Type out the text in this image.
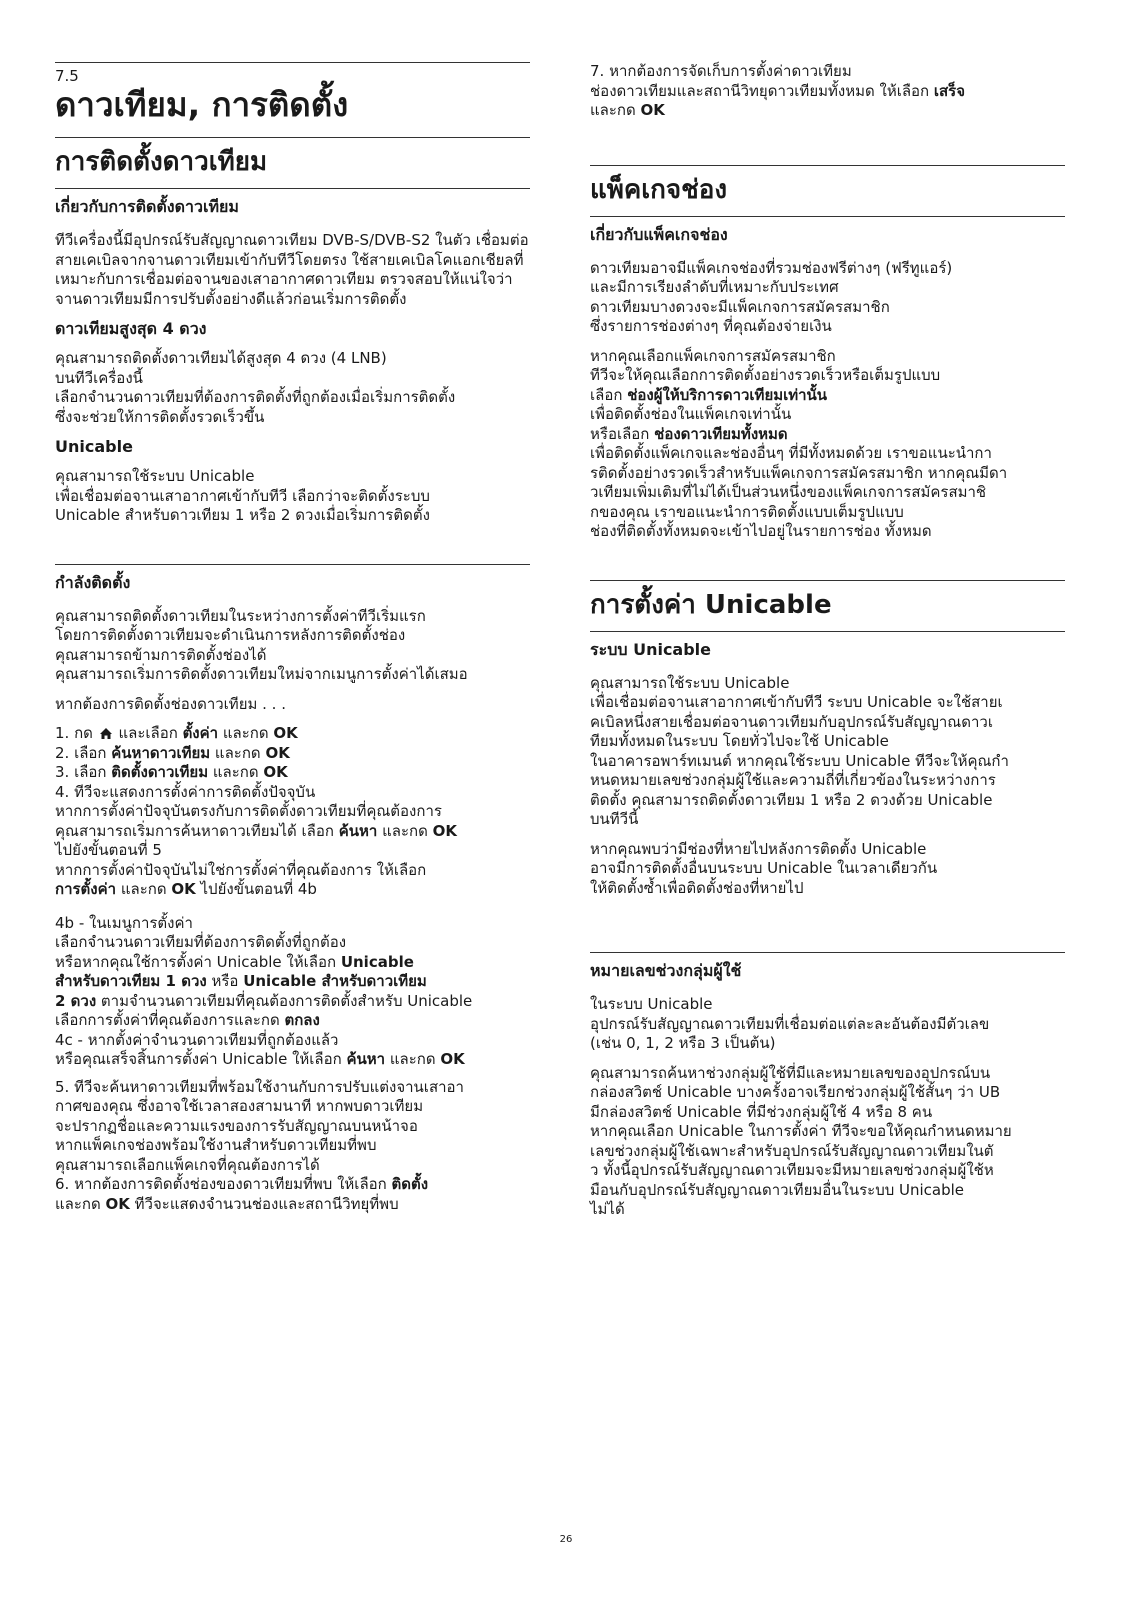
7.5
ดาวเทียม, การติดตั้ง
การติดตั้งดาวเทียม
เกี่ยวกับการติดตั้งดาวเทียม

ทีวีเครื่องนี้มีอุปกรณ์รับสัญญาณดาวเทียม DVB-S/DVB-S2 ในตัว เชื่อมต่อสายเคเบิลจากจานดาวเทียมเข้ากับทีวีโดยตรง ใช้สายเคเบิลโคแอกเชียลที่เหมาะกับการเชื่อมต่อจานของเสาอากาศดาวเทียม ตรวจสอบให้แน่ใจว่าจานดาวเทียมมีการปรับตั้งอย่างดีแล้วก่อนเริ่มการติดตั้ง

ดาวเทียมสูงสุด 4 ดวง

คุณสามารถติดตั้งดาวเทียมได้สูงสุด 4 ดวง (4 LNB)
บนทีวีเครื่องนี้
เลือกจำนวนดาวเทียมที่ต้องการติดตั้งที่ถูกต้องเมื่อเริ่มการติดตั้ง
ซึ่งจะช่วยให้การติดตั้งรวดเร็วขึ้น

Unicable

คุณสามารถใช้ระบบ Unicable
เพื่อเชื่อมต่อจานเสาอากาศเข้ากับทีวี เลือกว่าจะติดตั้งระบบ
Unicable สำหรับดาวเทียม 1 หรือ 2 ดวงเมื่อเริ่มการติดตั้ง

กำลังติดตั้ง

คุณสามารถติดตั้งดาวเทียมในระหว่างการตั้งค่าทีวีเริ่มแรก
โดยการติดตั้งดาวเทียมจะดำเนินการหลังการติดตั้งช่อง
คุณสามารถข้ามการติดตั้งช่องได้
คุณสามารถเริ่มการติดตั้งดาวเทียมใหม่จากเมนูการตั้งค่าได้เสมอ

หากต้องการติดตั้งช่องดาวเทียม . . .

1. กด  และเลือก ตั้งค่า และกด OK
2. เลือก ค้นหาดาวเทียม และกด OK
3. เลือก ติดตั้งดาวเทียม และกด OK
4. ทีวีจะแสดงการตั้งค่าการติดตั้งปัจจุบัน
หากการตั้งค่าปัจจุบันตรงกับการติดตั้งดาวเทียมที่คุณต้องการ
คุณสามารถเริ่มการค้นหาดาวเทียมได้ เลือก ค้นหา และกด OK
ไปยังขั้นตอนที่ 5
หากการตั้งค่าปัจจุบันไม่ใช่การตั้งค่าที่คุณต้องการ ให้เลือก
การตั้งค่า และกด OK ไปยังขั้นตอนที่ 4b

4b - ในเมนูการตั้งค่า
เลือกจำนวนดาวเทียมที่ต้องการติดตั้งที่ถูกต้อง
หรือหากคุณใช้การตั้งค่า Unicable ให้เลือก Unicable
สำหรับดาวเทียม 1 ดวง หรือ Unicable สำหรับดาวเทียม
2 ดวง ตามจำนวนดาวเทียมที่คุณต้องการติดตั้งสำหรับ Unicable
เลือกการตั้งค่าที่คุณต้องการและกด ตกลง
4c - หากตั้งค่าจำนวนดาวเทียมที่ถูกต้องแล้ว
หรือคุณเสร็จสิ้นการตั้งค่า Unicable ให้เลือก ค้นหา และกด OK

5. ทีวีจะค้นหาดาวเทียมที่พร้อมใช้งานกับการปรับแต่งจานเสาอา
กาศของคุณ ซึ่งอาจใช้เวลาสองสามนาที หากพบดาวเทียม
จะปรากฏชื่อและความแรงของการรับสัญญาณบนหน้าจอ
หากแพ็คเกจช่องพร้อมใช้งานสำหรับดาวเทียมที่พบ
คุณสามารถเลือกแพ็คเกจที่คุณต้องการได้
6. หากต้องการติดตั้งช่องของดาวเทียมที่พบ ให้เลือก ติดตั้ง
และกด OK ทีวีจะแสดงจำนวนช่องและสถานีวิทยุที่พบ

7. หากต้องการจัดเก็บการตั้งค่าดาวเทียม
ช่องดาวเทียมและสถานีวิทยุดาวเทียมทั้งหมด ให้เลือก เสร็จ
และกด OK

แพ็คเกจช่อง
เกี่ยวกับแพ็คเกจช่อง

ดาวเทียมอาจมีแพ็คเกจช่องที่รวมช่องฟรีต่างๆ (ฟรีทูแอร์)
และมีการเรียงลำดับที่เหมาะกับประเทศ
ดาวเทียมบางดวงจะมีแพ็คเกจการสมัครสมาชิก
ซึ่งรายการช่องต่างๆ ที่คุณต้องจ่ายเงิน

หากคุณเลือกแพ็คเกจการสมัครสมาชิก
ทีวีจะให้คุณเลือกการติดตั้งอย่างรวดเร็วหรือเต็มรูปแบบ
เลือก ช่องผู้ให้บริการดาวเทียมเท่านั้น
เพื่อติดตั้งช่องในแพ็คเกจเท่านั้น
หรือเลือก ช่องดาวเทียมทั้งหมด
เพื่อติดตั้งแพ็คเกจและช่องอื่นๆ ที่มีทั้งหมดด้วย เราขอแนะนำกา
รติดตั้งอย่างรวดเร็วสำหรับแพ็คเกจการสมัครสมาชิก หากคุณมีดา
วเทียมเพิ่มเติมที่ไม่ได้เป็นส่วนหนึ่งของแพ็คเกจการสมัครสมาชิ
กของคุณ เราขอแนะนำการติดตั้งแบบเต็มรูปแบบ
ช่องที่ติดตั้งทั้งหมดจะเข้าไปอยู่ในรายการช่อง ทั้งหมด

การตั้งค่า Unicable
ระบบ Unicable

คุณสามารถใช้ระบบ Unicable
เพื่อเชื่อมต่อจานเสาอากาศเข้ากับทีวี ระบบ Unicable จะใช้สายเ
คเบิลหนึ่งสายเชื่อมต่อจานดาวเทียมกับอุปกรณ์รับสัญญาณดาวเ
ทียมทั้งหมดในระบบ โดยทั่วไปจะใช้ Unicable
ในอาคารอพาร์ทเมนต์ หากคุณใช้ระบบ Unicable ทีวีจะให้คุณกำ
หนดหมายเลขช่วงกลุ่มผู้ใช้และความถี่ที่เกี่ยวข้องในระหว่างการ
ติดตั้ง คุณสามารถติดตั้งดาวเทียม 1 หรือ 2 ดวงด้วย Unicable
บนทีวีนี้

หากคุณพบว่ามีช่องที่หายไปหลังการติดตั้ง Unicable
อาจมีการติดตั้งอื่นบนระบบ Unicable ในเวลาเดียวกัน
ให้ติดตั้งซ้ำเพื่อติดตั้งช่องที่หายไป

หมายเลขช่วงกลุ่มผู้ใช้

ในระบบ Unicable
อุปกรณ์รับสัญญาณดาวเทียมที่เชื่อมต่อแต่ละละอันต้องมีตัวเลข
(เช่น 0, 1, 2 หรือ 3 เป็นต้น)

คุณสามารถค้นหาช่วงกลุ่มผู้ใช้ที่มีและหมายเลขของอุปกรณ์บน
กล่องสวิตช์ Unicable บางครั้งอาจเรียกช่วงกลุ่มผู้ใช้สั้นๆ ว่า UB
มีกล่องสวิตช์ Unicable ที่มีช่วงกลุ่มผู้ใช้ 4 หรือ 8 คน
หากคุณเลือก Unicable ในการตั้งค่า ทีวีจะขอให้คุณกำหนดหมาย
เลขช่วงกลุ่มผู้ใช้เฉพาะสำหรับอุปกรณ์รับสัญญาณดาวเทียมในตั
ว ทั้งนี้อุปกรณ์รับสัญญาณดาวเทียมจะมีหมายเลขช่วงกลุ่มผู้ใช้ห
มือนกับอุปกรณ์รับสัญญาณดาวเทียมอื่นในระบบ Unicable
ไม่ได้

26
